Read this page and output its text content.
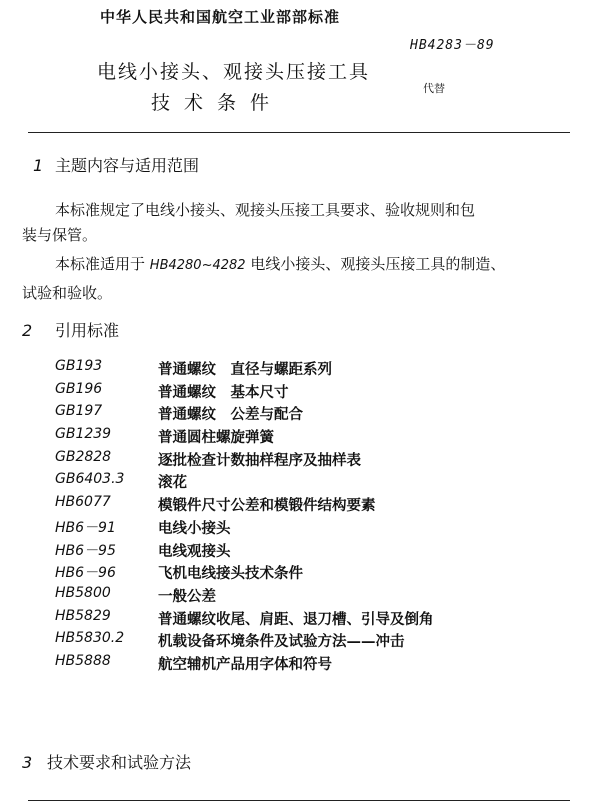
中华人民共和国航空工业部部标准
HB4283－89
电线小接头、观接头压接工具
技术条件
代替
1 主题内容与适用范围
本标准规定了电线小接头、观接头压接工具要求、验收规则和包
装与保管。
本标准适用于 HB4280~4282 电线小接头、观接头压接工具的制造、
试验和验收。
2 引用标准
GB193	普通螺纹　直径与螺距系列
GB196	普通螺纹　基本尺寸
GB197	普通螺纹　公差与配合
GB1239	普通圆柱螺旋弹簧
GB2828	逐批检查计数抽样程序及抽样表
GB6403.3 滚花
HB6077	模锻件尺寸公差和模锻件结构要素
HB6－91	电线小接头
HB6－95	电线观接头
HB6－96	飞机电线接头技术条件
HB5800	一般公差
HB5829	普通螺纹收尾、肩距、退刀槽、引导及倒角
HB5830.2 机载设备环境条件及试验方法——冲击
HB5888	航空辅机产品用字体和符号
3 技术要求和试验方法
